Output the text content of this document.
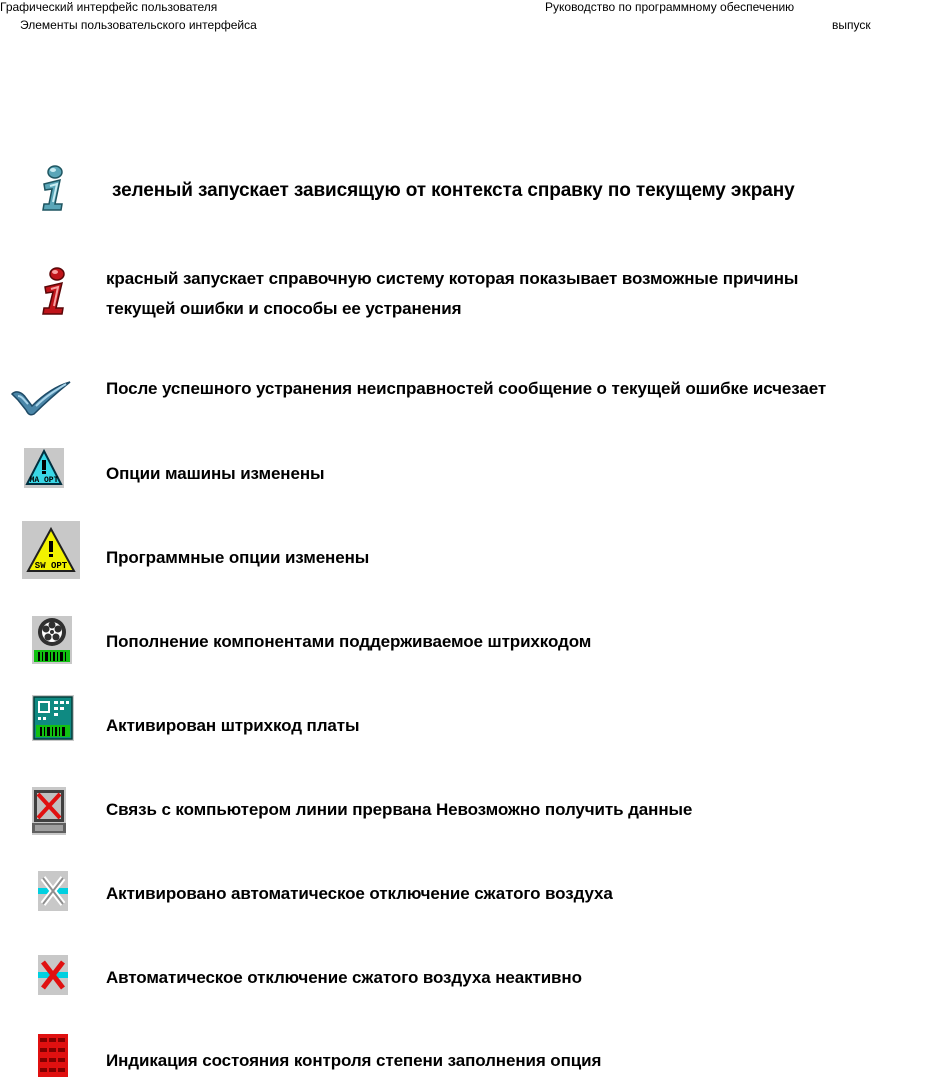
Графический интерфейс пользователя
Элементы пользовательского интерфейса
Руководство по программному обеспечению
выпуск
зеленый запускает зависящую от контекста справку по текущему экрану
красный запускает справочную систему которая показывает возможные причины
текущей ошибки и способы ее устранения
После успешного устранения неисправностей сообщение о текущей ошибке исчезает
MA OPT	Опции машины изменены
SW OPT Программные опции изменены
Пополнение компонентами поддерживаемое штрихкодом
Активирован штрихкод платы
Связь с компьютером линии прервана Невозможно получить данные
Активировано автоматическое отключение сжатого воздуха
Автоматическое отключение сжатого воздуха неактивно
Индикация состояния контроля степени заполнения опция
